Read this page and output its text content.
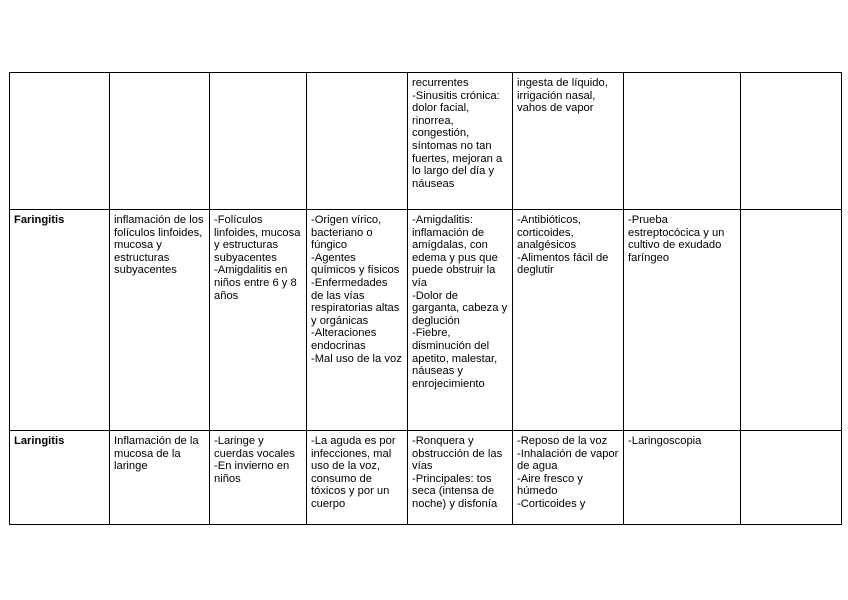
				recurrentes
-Sinusitis crónica: dolor facial, rinorrea, congestión, síntomas no tan fuertes, mejoran a lo largo del día y náuseas	ingesta de líquido, irrigación nasal, vahos de vapor		

Faringitis	inflamación de los folículos linfoides, mucosa y estructuras subyacentes	-Folículos linfoides, mucosa y estructuras subyacentes
-Amigdalitis en niños entre 6 y 8 años	-Origen vírico, bacteriano o fúngico
-Agentes químicos y físicos
-Enfermedades de las vías respiratorias altas y orgánicas
-Alteraciones endocrinas
-Mal uso de la voz	-Amigdalitis: inflamación de amígdalas, con edema y pus que puede obstruir la vía
-Dolor de garganta, cabeza y deglución
-Fiebre, disminución del apetito, malestar, náuseas y enrojecimiento	-Antibióticos, corticoides, analgésicos
-Alimentos fácil de deglutir	-Prueba estreptocócica y un cultivo de exudado faríngeo	

Laringitis	Inflamación de la mucosa de la laringe	-Laringe y cuerdas vocales
-En invierno en niños	-La aguda es por infecciones, mal uso de la voz, consumo de tóxicos y por un cuerpo	-Ronquera y obstrucción de las vías
-Principales: tos seca (intensa de noche) y disfonía	-Reposo de la voz
-Inhalación de vapor de agua
-Aire fresco y húmedo
-Corticoides y	-Laringoscopia	
